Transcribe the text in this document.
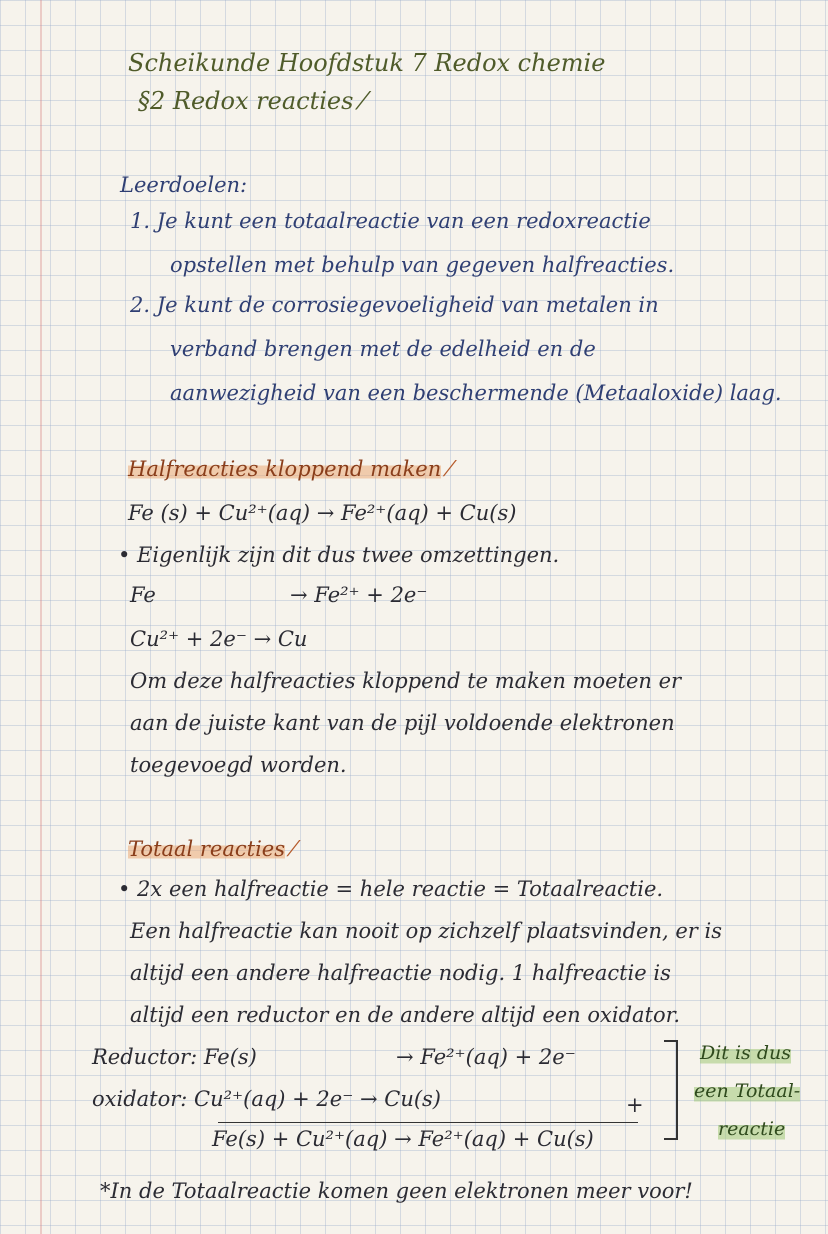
Scheikunde Hoofdstuk 7 Redox chemie
§2 Redox reacties ⁄
Leerdoelen:
1. Je kunt een totaalreactie van een redoxreactie
opstellen met behulp van gegeven halfreacties.
2. Je kunt de corrosiegevoeligheid van metalen in
verband brengen met de edelheid en de
aanwezigheid van een beschermende (Metaaloxide) laag.
Halfreacties kloppend maken ⁄
Fe (s) + Cu²⁺(aq) → Fe²⁺(aq) + Cu(s)
• Eigenlijk zijn dit dus twee omzettingen.
Fe	→ Fe²⁺ + 2e⁻
Cu²⁺ + 2e⁻ → Cu
Om deze halfreacties kloppend te maken moeten er
aan de juiste kant van de pijl voldoende elektronen
toegevoegd worden.
Totaal reacties ⁄
• 2x een halfreactie = hele reactie = Totaalreactie.
Een halfreactie kan nooit op zichzelf plaatsvinden, er is
altijd een andere halfreactie nodig. 1 halfreactie is
altijd een reductor en de andere altijd een oxidator.
Reductor: Fe(s)	→ Fe²⁺(aq) + 2e⁻
oxidator: Cu²⁺(aq) + 2e⁻ → Cu(s)	+
Fe(s) + Cu²⁺(aq) → Fe²⁺(aq) + Cu(s)
Dit is dus
een Totaal-
reactie
*In de Totaalreactie komen geen elektronen meer voor!
